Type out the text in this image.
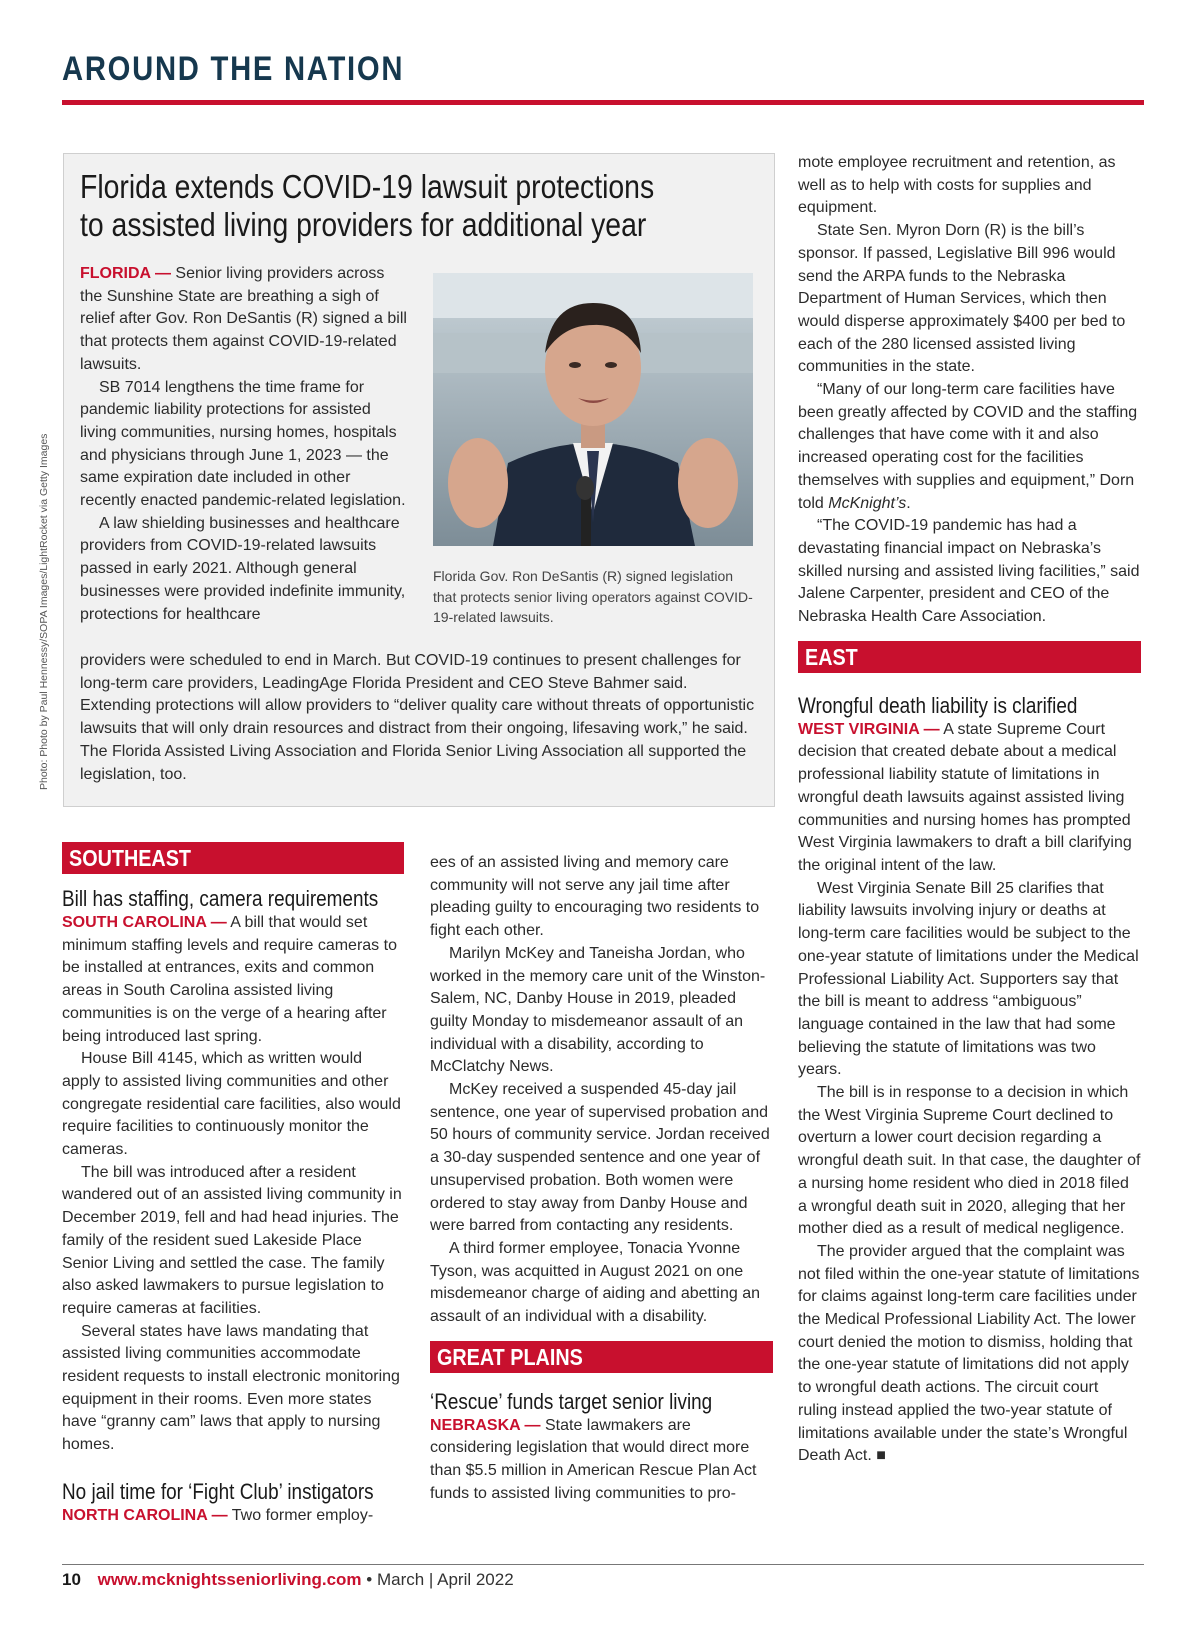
AROUND THE NATION
Photo: Photo by Paul Hennessy/SOPA Images/LightRocket via Getty Images
Florida extends COVID-19 lawsuit protections
to assisted living providers for additional year

FLORIDA — Senior living providers across the Sunshine State are breathing a sigh of relief after Gov. Ron DeSantis (R) signed a bill that protects them against COVID-19-related lawsuits.

SB 7014 lengthens the time frame for pandemic liability protections for assisted living communities, nursing homes, hospitals and physicians through June 1, 2023 — the same expiration date included in other recently enacted pandemic-related legislation.

A law shielding businesses and healthcare providers from COVID-19-related lawsuits passed in early 2021. Although general businesses were provided indefinite immunity, protections for healthcare

Florida Gov. Ron DeSantis (R) signed legislation that protects senior living operators against COVID-19-related lawsuits.

providers were scheduled to end in March. But COVID-19 continues to present challenges for long-term care providers, LeadingAge Florida President and CEO Steve Bahmer said. Extending protections will allow providers to “deliver quality care without threats of opportunistic lawsuits that will only drain resources and distract from their ongoing, lifesaving work,” he said. The Florida Assisted Living Association and Florida Senior Living Association all supported the legislation, too.

SOUTHEAST
Bill has staffing, camera requirements

SOUTH CAROLINA — A bill that would set minimum staffing levels and require cameras to be installed at entrances, exits and common areas in South Carolina assisted living communities is on the verge of a hearing after being introduced last spring.

House Bill 4145, which as written would apply to assisted living communities and other congregate residential care facilities, also would require facilities to continuously monitor the cameras.

The bill was introduced after a resident wandered out of an assisted living community in December 2019, fell and had head injuries. The family of the resident sued Lakeside Place Senior Living and settled the case. The family also asked lawmakers to pursue legislation to require cameras at facilities.

Several states have laws mandating that assisted living communities accommodate resident requests to install electronic monitoring equipment in their rooms. Even more states have “granny cam” laws that apply to nursing homes.

No jail time for ‘Fight Club’ instigators

NORTH CAROLINA — Two former employ-

ees of an assisted living and memory care community will not serve any jail time after pleading guilty to encouraging two residents to fight each other.

Marilyn McKey and Taneisha Jordan, who worked in the memory care unit of the Winston-Salem, NC, Danby House in 2019, pleaded guilty Monday to misdemeanor assault of an individual with a disability, according to McClatchy News.

McKey received a suspended 45-day jail sentence, one year of supervised probation and 50 hours of community service. Jordan received a 30-day suspended sentence and one year of unsupervised probation. Both women were ordered to stay away from Danby House and were barred from contacting any residents.

A third former employee, Tonacia Yvonne Tyson, was acquitted in August 2021 on one misdemeanor charge of aiding and abetting an assault of an individual with a disability.

GREAT PLAINS
‘Rescue’ funds target senior living

NEBRASKA — State lawmakers are considering legislation that would direct more than $5.5 million in American Rescue Plan Act funds to assisted living communities to pro-

mote employee recruitment and retention, as well as to help with costs for supplies and equipment.

State Sen. Myron Dorn (R) is the bill’s sponsor. If passed, Legislative Bill 996 would send the ARPA funds to the Nebraska Department of Human Services, which then would disperse approximately $400 per bed to each of the 280 licensed assisted living communities in the state.

“Many of our long-term care facilities have been greatly affected by COVID and the staffing challenges that have come with it and also increased operating cost for the facilities themselves with supplies and equipment,” Dorn told McKnight’s.

“The COVID-19 pandemic has had a devastating financial impact on Nebraska’s skilled nursing and assisted living facilities,” said Jalene Carpenter, president and CEO of the Nebraska Health Care Association.

EAST
Wrongful death liability is clarified

WEST VIRGINIA — A state Supreme Court decision that created debate about a medical professional liability statute of limitations in wrongful death lawsuits against assisted living communities and nursing homes has prompted West Virginia lawmakers to draft a bill clarifying the original intent of the law.

West Virginia Senate Bill 25 clarifies that liability lawsuits involving injury or deaths at long-term care facilities would be subject to the one-year statute of limitations under the Medical Professional Liability Act. Supporters say that the bill is meant to address “ambiguous” language contained in the law that had some believing the statute of limitations was two years.

The bill is in response to a decision in which the West Virginia Supreme Court declined to overturn a lower court decision regarding a wrongful death suit. In that case, the daughter of a nursing home resident who died in 2018 filed a wrongful death suit in 2020, alleging that her mother died as a result of medical negligence.

The provider argued that the complaint was not filed within the one-year statute of limitations for claims against long-term care facilities under the Medical Professional Liability Act. The lower court denied the motion to dismiss, holding that the one-year statute of limitations did not apply to wrongful death actions. The circuit court ruling instead applied the two-year statute of limitations available under the state’s Wrongful Death Act. ■

10 www.mcknightsseniorliving.com • March | April 2022
